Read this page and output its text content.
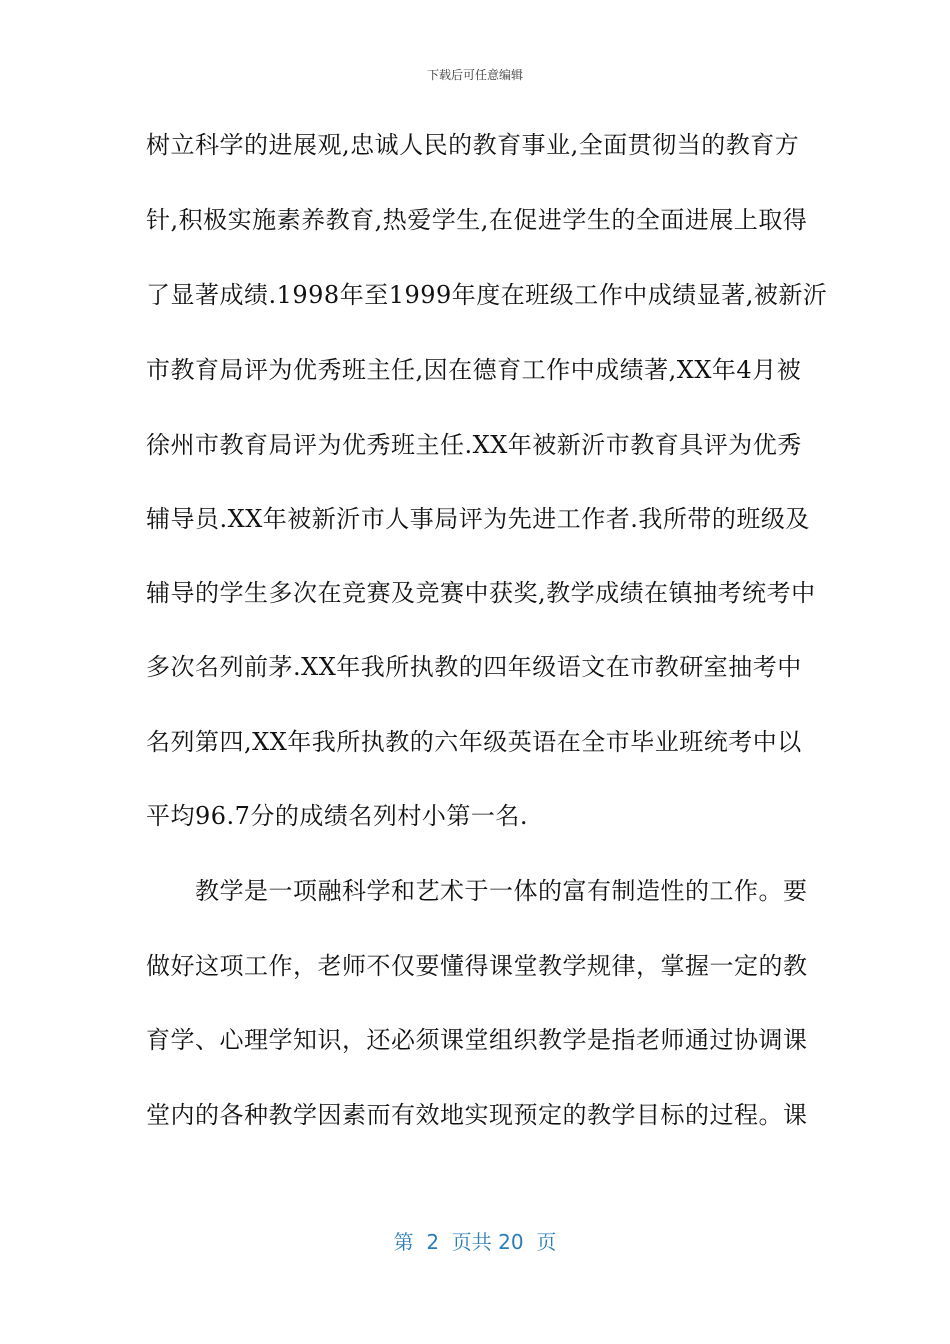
下载后可任意编辑
树立科学的进展观,忠诚人民的教育事业,全面贯彻当的教育方
针,积极实施素养教育,热爱学生,在促进学生的全面进展上取得
了显著成绩.1998年至1999年度在班级工作中成绩显著,被新沂
市教育局评为优秀班主任,因在德育工作中成绩著,XX年4月被
徐州市教育局评为优秀班主任.XX年被新沂市教育具评为优秀
辅导员.XX年被新沂市人事局评为先进工作者.我所带的班级及
辅导的学生多次在竞赛及竞赛中获奖,教学成绩在镇抽考统考中
多次名列前茅.XX年我所执教的四年级语文在市教研室抽考中
名列第四,XX年我所执教的六年级英语在全市毕业班统考中以
平均96.7分的成绩名列村小第一名.
　　教学是一项融科学和艺术于一体的富有制造性的工作。要
做好这项工作，老师不仅要懂得课堂教学规律，掌握一定的教
育学、心理学知识，还必须课堂组织教学是指老师通过协调课
堂内的各种教学因素而有效地实现预定的教学目标的过程。课
第  2  页共 20  页
